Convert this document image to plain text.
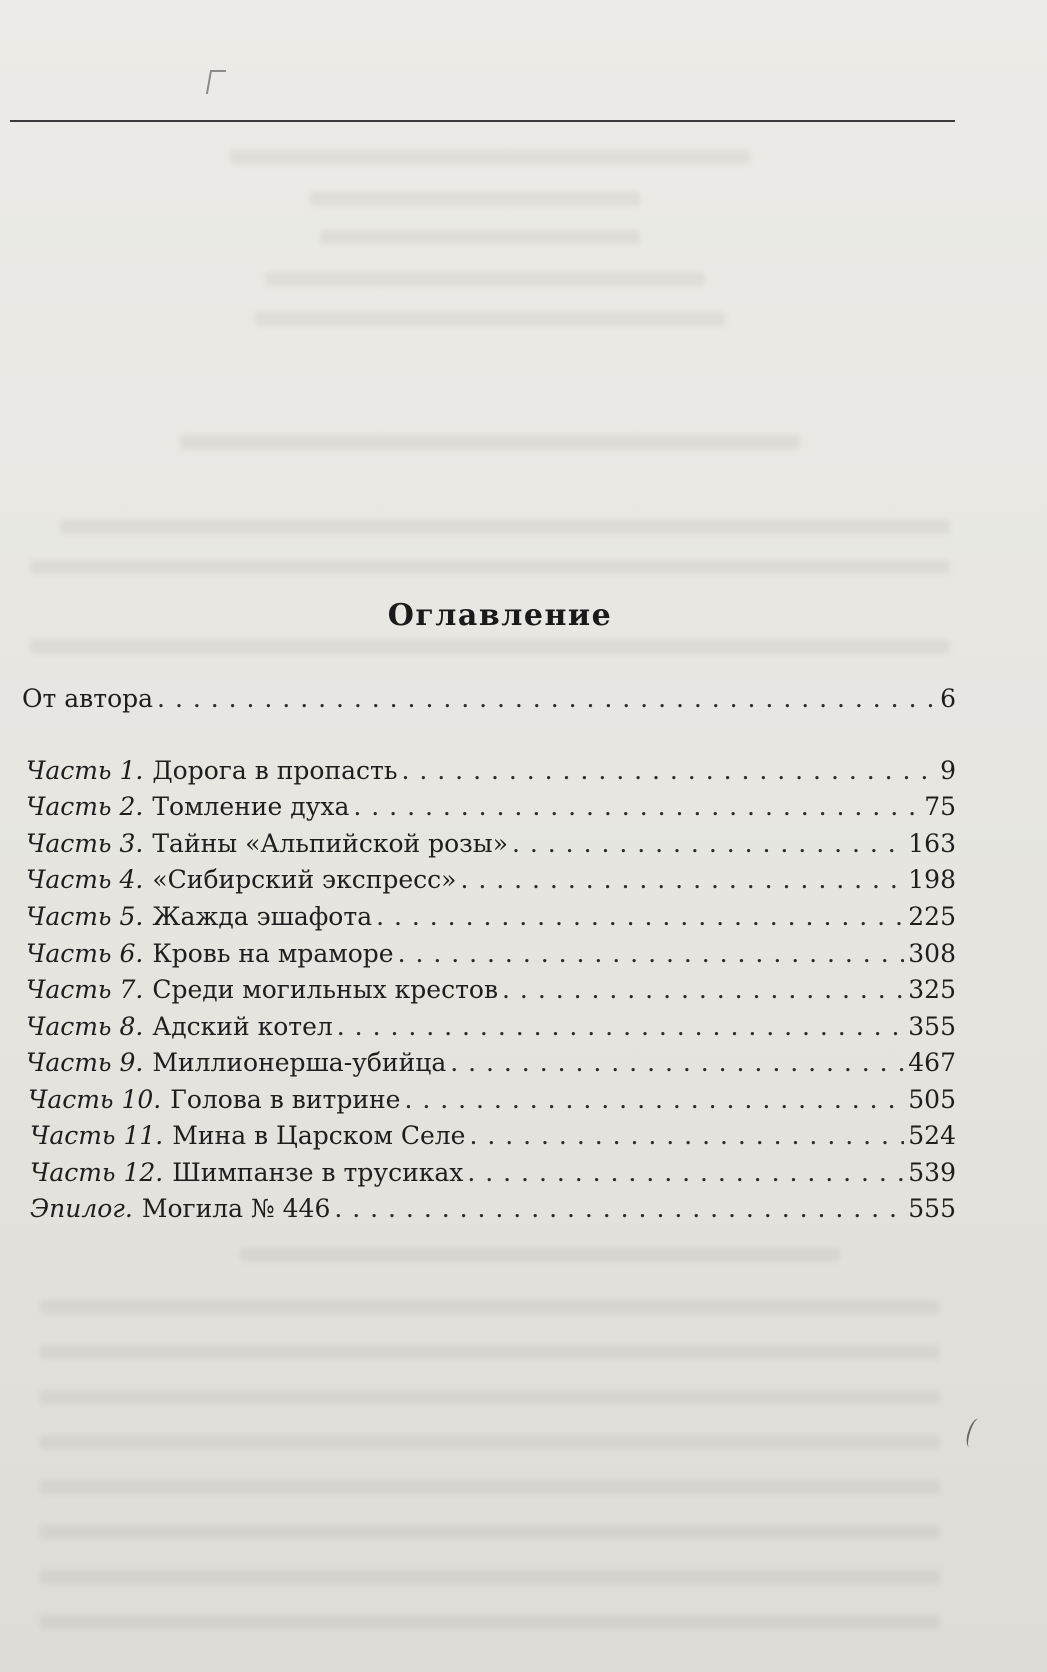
Оглавление
От автора . . .	6
Часть 1. Дорога в пропасть . . .	9
Часть 2. Томление духа . . .	75
Часть 3. Тайны «Альпийской розы» . . .	163
Часть 4. «Сибирский экспресс» . . .	198
Часть 5. Жажда эшафота . . .	225
Часть 6. Кровь на мраморе . . .	308
Часть 7. Среди могильных крестов . . .	325
Часть 8. Адский котел . . .	355
Часть 9. Миллионерша-убийца . . .	467
Часть 10. Голова в витрине . . .	505
Часть 11. Мина в Царском Селе . . .	524
Часть 12. Шимпанзе в трусиках . . .	539
Эпилог. Могила № 446 . . .	555
